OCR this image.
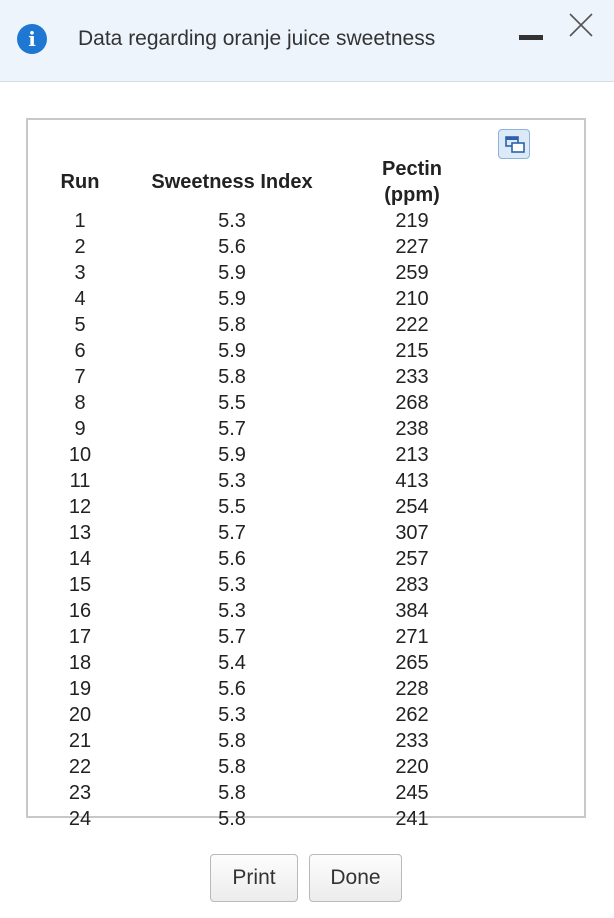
i	Data regarding oranje juice sweetness
Run	Sweetness Index	Pectin (ppm)
1	5.3	219
2	5.6	227
3	5.9	259
4	5.9	210
5	5.8	222
6	5.9	215
7	5.8	233
8	5.5	268
9	5.7	238
10	5.9	213
11	5.3	413
12	5.5	254
13	5.7	307
14	5.6	257
15	5.3	283
16	5.3	384
17	5.7	271
18	5.4	265
19	5.6	228
20	5.3	262
21	5.8	233
22	5.8	220
23	5.8	245
24	5.8	241
Print	Done
